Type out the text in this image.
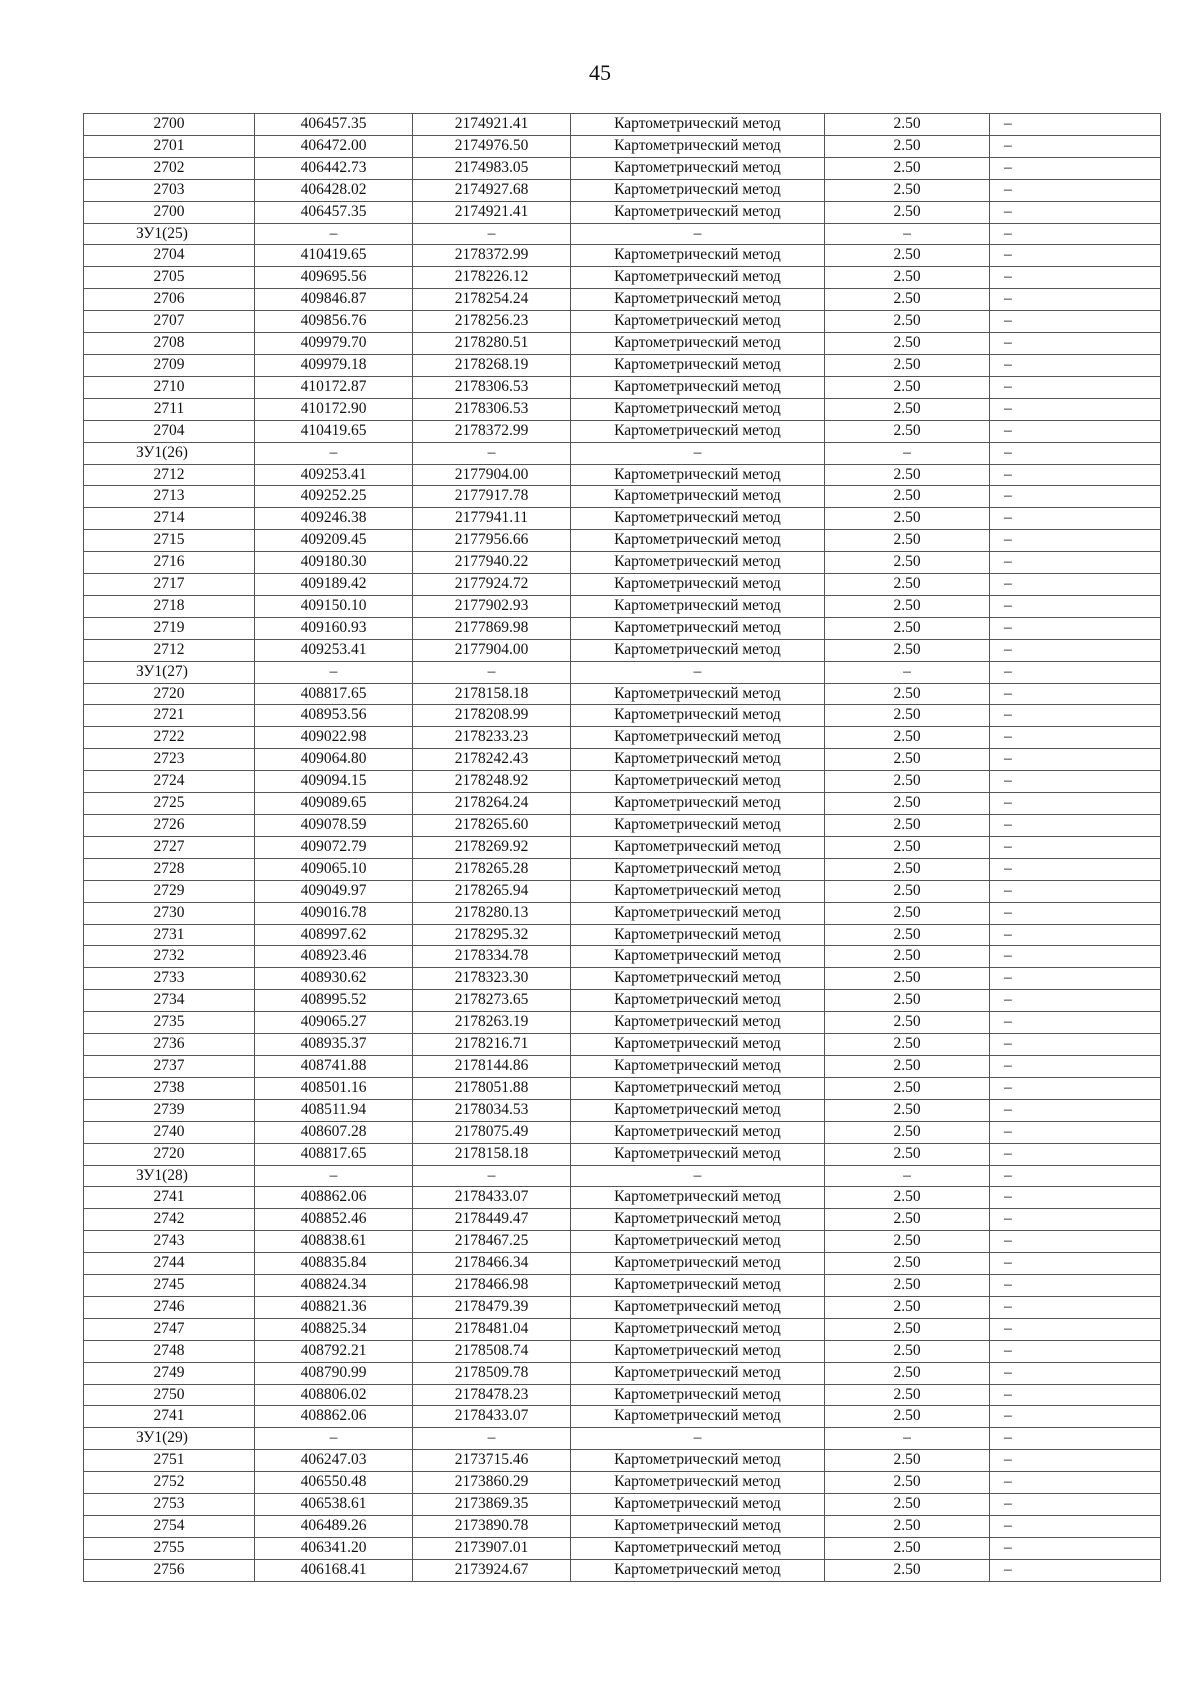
45
2700	406457.35	2174921.41	Картометрический метод	2.50	–
2701	406472.00	2174976.50	Картометрический метод	2.50	–
2702	406442.73	2174983.05	Картометрический метод	2.50	–
2703	406428.02	2174927.68	Картометрический метод	2.50	–
2700	406457.35	2174921.41	Картометрический метод	2.50	–
ЗУ1(25)	–	–	–	–	–
2704	410419.65	2178372.99	Картометрический метод	2.50	–
2705	409695.56	2178226.12	Картометрический метод	2.50	–
2706	409846.87	2178254.24	Картометрический метод	2.50	–
2707	409856.76	2178256.23	Картометрический метод	2.50	–
2708	409979.70	2178280.51	Картометрический метод	2.50	–
2709	409979.18	2178268.19	Картометрический метод	2.50	–
2710	410172.87	2178306.53	Картометрический метод	2.50	–
2711	410172.90	2178306.53	Картометрический метод	2.50	–
2704	410419.65	2178372.99	Картометрический метод	2.50	–
ЗУ1(26)	–	–	–	–	–
2712	409253.41	2177904.00	Картометрический метод	2.50	–
2713	409252.25	2177917.78	Картометрический метод	2.50	–
2714	409246.38	2177941.11	Картометрический метод	2.50	–
2715	409209.45	2177956.66	Картометрический метод	2.50	–
2716	409180.30	2177940.22	Картометрический метод	2.50	–
2717	409189.42	2177924.72	Картометрический метод	2.50	–
2718	409150.10	2177902.93	Картометрический метод	2.50	–
2719	409160.93	2177869.98	Картометрический метод	2.50	–
2712	409253.41	2177904.00	Картометрический метод	2.50	–
ЗУ1(27)	–	–	–	–	–
2720	408817.65	2178158.18	Картометрический метод	2.50	–
2721	408953.56	2178208.99	Картометрический метод	2.50	–
2722	409022.98	2178233.23	Картометрический метод	2.50	–
2723	409064.80	2178242.43	Картометрический метод	2.50	–
2724	409094.15	2178248.92	Картометрический метод	2.50	–
2725	409089.65	2178264.24	Картометрический метод	2.50	–
2726	409078.59	2178265.60	Картометрический метод	2.50	–
2727	409072.79	2178269.92	Картометрический метод	2.50	–
2728	409065.10	2178265.28	Картометрический метод	2.50	–
2729	409049.97	2178265.94	Картометрический метод	2.50	–
2730	409016.78	2178280.13	Картометрический метод	2.50	–
2731	408997.62	2178295.32	Картометрический метод	2.50	–
2732	408923.46	2178334.78	Картометрический метод	2.50	–
2733	408930.62	2178323.30	Картометрический метод	2.50	–
2734	408995.52	2178273.65	Картометрический метод	2.50	–
2735	409065.27	2178263.19	Картометрический метод	2.50	–
2736	408935.37	2178216.71	Картометрический метод	2.50	–
2737	408741.88	2178144.86	Картометрический метод	2.50	–
2738	408501.16	2178051.88	Картометрический метод	2.50	–
2739	408511.94	2178034.53	Картометрический метод	2.50	–
2740	408607.28	2178075.49	Картометрический метод	2.50	–
2720	408817.65	2178158.18	Картометрический метод	2.50	–
ЗУ1(28)	–	–	–	–	–
2741	408862.06	2178433.07	Картометрический метод	2.50	–
2742	408852.46	2178449.47	Картометрический метод	2.50	–
2743	408838.61	2178467.25	Картометрический метод	2.50	–
2744	408835.84	2178466.34	Картометрический метод	2.50	–
2745	408824.34	2178466.98	Картометрический метод	2.50	–
2746	408821.36	2178479.39	Картометрический метод	2.50	–
2747	408825.34	2178481.04	Картометрический метод	2.50	–
2748	408792.21	2178508.74	Картометрический метод	2.50	–
2749	408790.99	2178509.78	Картометрический метод	2.50	–
2750	408806.02	2178478.23	Картометрический метод	2.50	–
2741	408862.06	2178433.07	Картометрический метод	2.50	–
ЗУ1(29)	–	–	–	–	–
2751	406247.03	2173715.46	Картометрический метод	2.50	–
2752	406550.48	2173860.29	Картометрический метод	2.50	–
2753	406538.61	2173869.35	Картометрический метод	2.50	–
2754	406489.26	2173890.78	Картометрический метод	2.50	–
2755	406341.20	2173907.01	Картометрический метод	2.50	–
2756	406168.41	2173924.67	Картометрический метод	2.50	–
